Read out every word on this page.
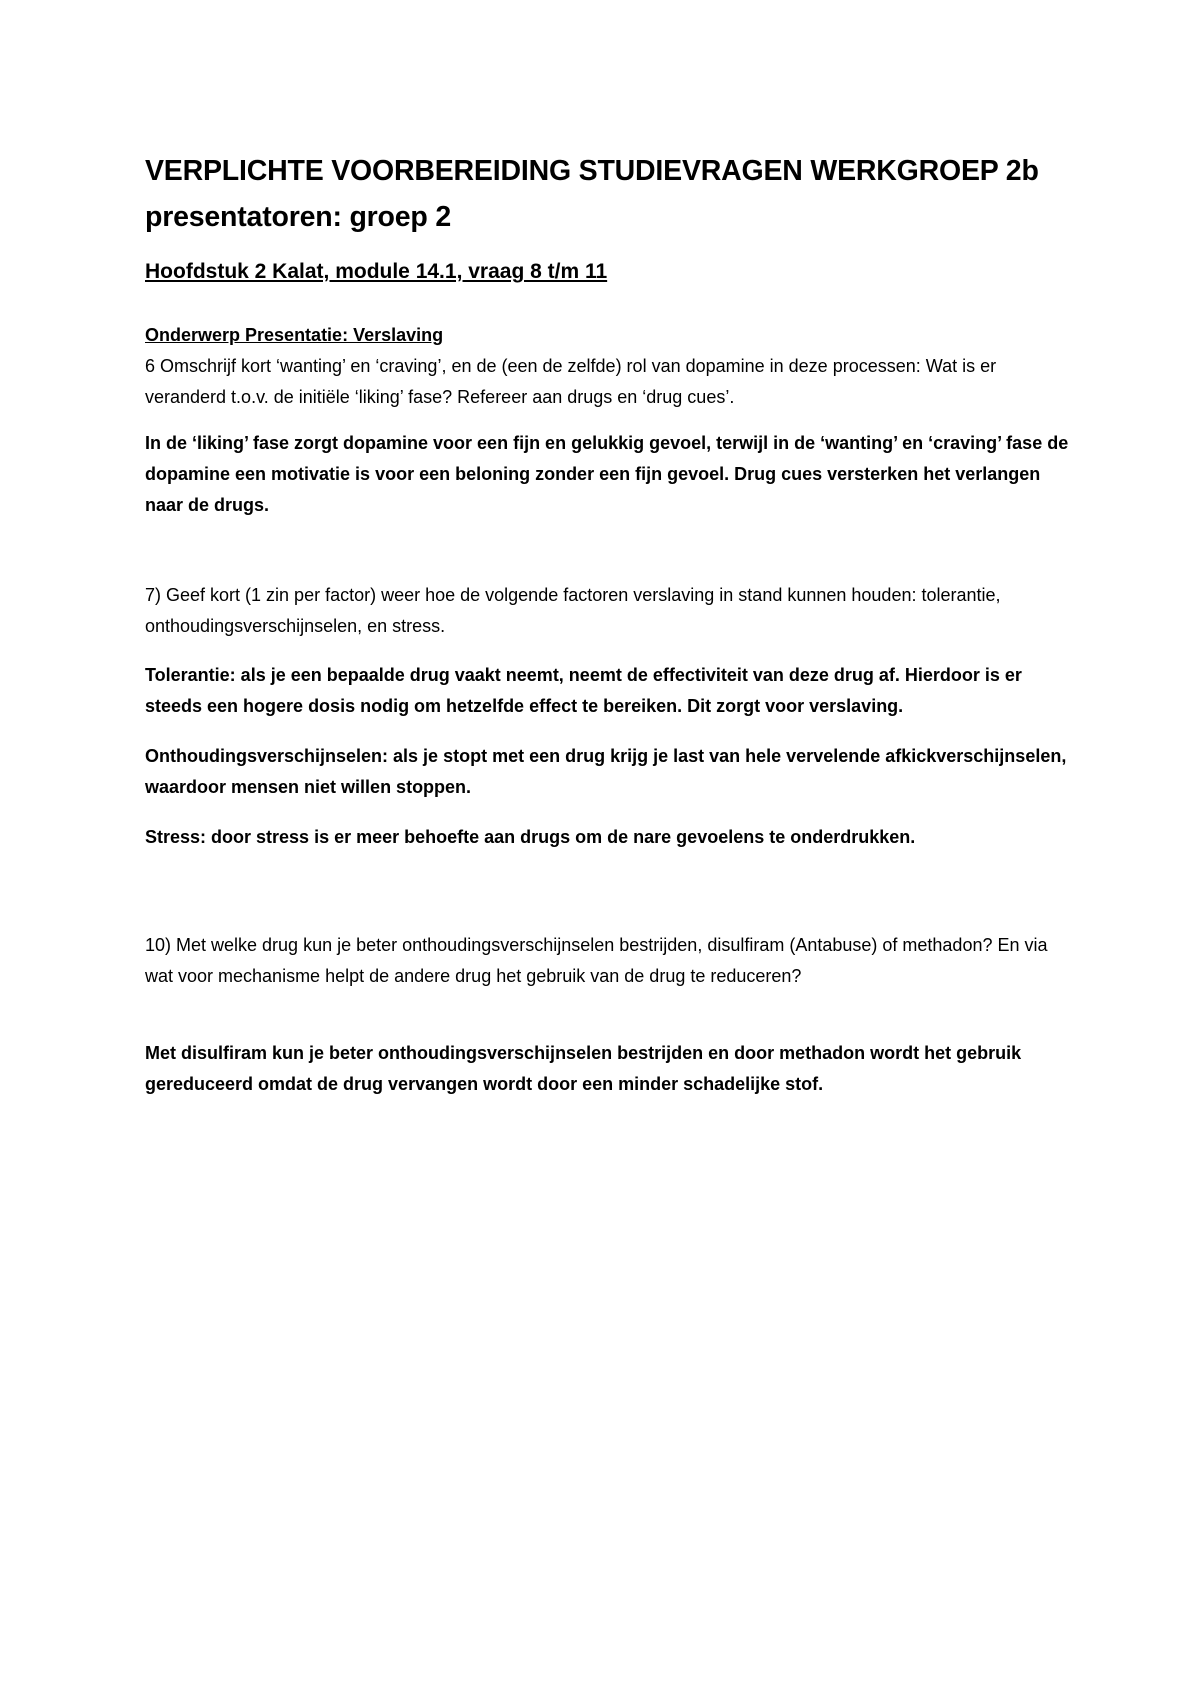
VERPLICHTE VOORBEREIDING STUDIEVRAGEN WERKGROEP 2b
presentatoren: groep 2

Hoofdstuk 2 Kalat, module 14.1, vraag 8 t/m 11

Onderwerp Presentatie: Verslaving

6 Omschrijf kort ‘wanting’ en ‘craving’, en de (een de zelfde) rol van dopamine in deze processen: Wat is er veranderd t.o.v. de initiële ‘liking’ fase? Refereer aan drugs en ‘drug cues’.

In de ‘liking’ fase zorgt dopamine voor een fijn en gelukkig gevoel, terwijl in de ‘wanting’ en ‘craving’ fase de dopamine een motivatie is voor een beloning zonder een fijn gevoel. Drug cues versterken het verlangen naar de drugs.

7) Geef kort (1 zin per factor) weer hoe de volgende factoren verslaving in stand kunnen houden: tolerantie, onthoudingsverschijnselen, en stress.

Tolerantie: als je een bepaalde drug vaakt neemt, neemt de effectiviteit van deze drug af. Hierdoor is er steeds een hogere dosis nodig om hetzelfde effect te bereiken. Dit zorgt voor verslaving.

Onthoudingsverschijnselen: als je stopt met een drug krijg je last van hele vervelende afkickverschijnselen, waardoor mensen niet willen stoppen.

Stress: door stress is er meer behoefte aan drugs om de nare gevoelens te onderdrukken.

10) Met welke drug kun je beter onthoudingsverschijnselen bestrijden, disulfiram (Antabuse) of methadon? En via wat voor mechanisme helpt de andere drug het gebruik van de drug te reduceren?

Met disulfiram kun je beter onthoudingsverschijnselen bestrijden en door methadon wordt het gebruik gereduceerd omdat de drug vervangen wordt door een minder schadelijke stof.
